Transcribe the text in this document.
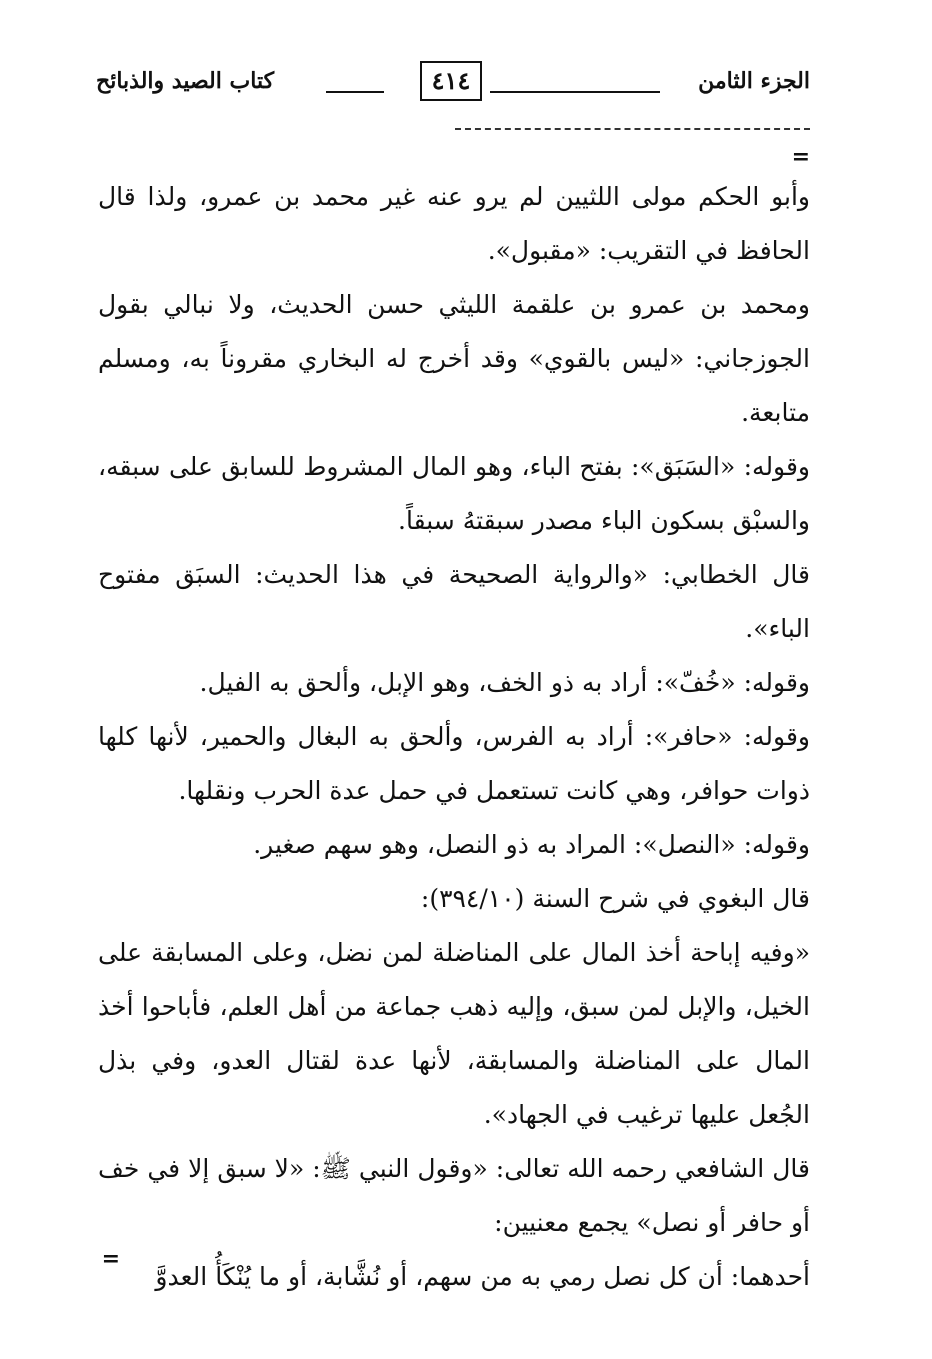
الجزء الثامن
٤١٤
كتاب الصيد والذبائح
=

وأبو الحكم مولى اللثيين لم يرو عنه غير محمد بن عمرو، ولذا قال الحافظ في التقريب: «مقبول».

ومحمد بن عمرو بن علقمة الليثي حسن الحديث، ولا نبالي بقول الجوزجاني: «ليس بالقوي» وقد أخرج له البخاري مقروناً به، ومسلم متابعة.

وقوله: «السَبَق»: بفتح الباء، وهو المال المشروط للسابق على سبقه، والسبْق بسكون الباء مصدر سبقتهُ سبقاً.

قال الخطابي: «والرواية الصحيحة في هذا الحديث: السبَق مفتوح الباء».

وقوله: «خُفّ»: أراد به ذو الخف، وهو الإبل، وألحق به الفيل.

وقوله: «حافر»: أراد به الفرس، وألحق به البغال والحمير، لأنها كلها ذوات حوافر، وهي كانت تستعمل في حمل عدة الحرب ونقلها.

وقوله: «النصل»: المراد به ذو النصل، وهو سهم صغير.

قال البغوي في شرح السنة (٣٩٤/١٠):

«وفيه إباحة أخذ المال على المناضلة لمن نضل، وعلى المسابقة على الخيل، والإبل لمن سبق، وإليه ذهب جماعة من أهل العلم، فأباحوا أخذ المال على المناضلة والمسابقة، لأنها عدة لقتال العدو، وفي بذل الجُعل عليها ترغيب في الجهاد».

قال الشافعي رحمه الله تعالى: «وقول النبي ﷺ: «لا سبق إلا في خف أو حافر أو نصل» يجمع معنيين:

أحدهما: أن كل نصل رمي به من سهم، أو نُشَّابة، أو ما يُنْكَأُ العدوَّ

=
